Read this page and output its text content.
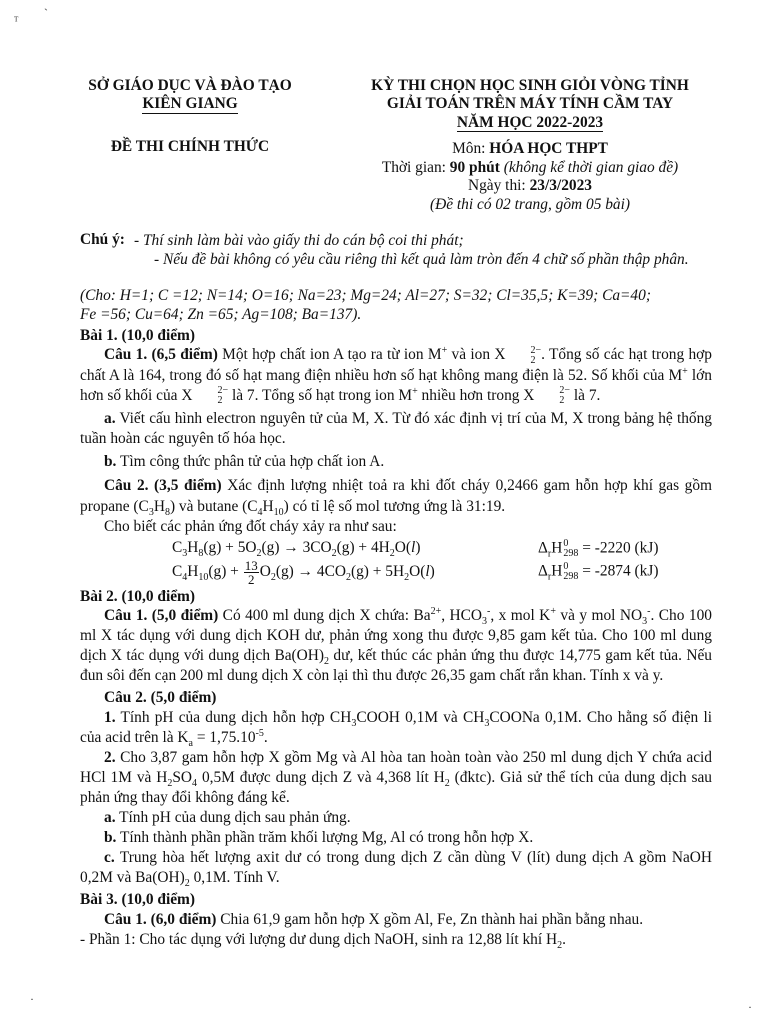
ᵀ
`
SỞ GIÁO DỤC VÀ ĐÀO TẠO
KIÊN GIANG
ĐỀ THI CHÍNH THỨC
KỲ THI CHỌN HỌC SINH GIỎI VÒNG TỈNH
GIẢI TOÁN TRÊN MÁY TÍNH CẦM TAY
NĂM HỌC 2022-2023
Môn: HÓA HỌC THPT
Thời gian: 90 phút (không kể thời gian giao đề)
Ngày thi: 23/3/2023
(Đề thi có 02 trang, gồm 05 bài)
Chú ý: - Thí sinh làm bài vào giấy thi do cán bộ coi thi phát;
- Nếu đề bài không có yêu cầu riêng thì kết quả làm tròn đến 4 chữ số phần thập phân.
(Cho: H=1; C =12; N=14; O=16; Na=23; Mg=24; Al=27; S=32; Cl=35,5; K=39; Ca=40;
Fe =56; Cu=64; Zn =65; Ag=108; Ba=137).
Bài 1. (10,0 điểm)

Câu 1. (6,5 điểm) Một hợp chất ion A tạo ra từ ion M+ và ion X	2−
2 . Tổng số các hạt trong hợp chất A là 164, trong đó số hạt mang điện nhiều hơn số hạt không mang điện là 52. Số khối của M+ lớn hơn số khối của X	2−
2 là 7. Tổng số hạt trong ion M+ nhiều hơn trong X	2−
2 là 7.

a. Viết cấu hình electron nguyên tử của M, X. Từ đó xác định vị trí của M, X trong bảng hệ thống tuần hoàn các nguyên tố hóa học.

b. Tìm công thức phân tử của hợp chất ion A.

Câu 2. (3,5 điểm) Xác định lượng nhiệt toả ra khi đốt cháy 0,2466 gam hỗn hợp khí gas gồm propane $(C_3H_8)$ và butane $(C_4H_{10})$ có tỉ lệ số mol tương ứng là 31:19.

Cho biết các phản ứng đốt cháy xảy ra như sau:

$C_3H_8(g) + 5O_2(g) \to 3CO_2(g) + 4H_2O(l)$	$\Delta_rH$ 0
298 = -2220 (kJ)
$C_4H_{10}(g) + \frac{13}{2} O_2(g) \to 4CO_2(g) + 5H_2O(l)$	$\Delta_rH$ 0
298 = -2874 (kJ)
Bài 2. (10,0 điểm)

Câu 1. (5,0 điểm) Có 400 ml dung dịch X chứa: $Ba^{2+}$, $HCO_3^-$, x mol K+ và y mol $NO_3^-$. Cho 100 ml X tác dụng với dung dịch KOH dư, phản ứng xong thu được 9,85 gam kết tủa. Cho 100 ml dung dịch X tác dụng với dung dịch $Ba(OH)_2$ dư, kết thúc các phản ứng thu được 14,775 gam kết tủa. Nếu đun sôi đến cạn 200 ml dung dịch X còn lại thì thu được 26,35 gam chất rắn khan. Tính x và y.

Câu 2. (5,0 điểm)

1. Tính pH của dung dịch hỗn hợp $CH_3COOH$ 0,1M và $CH_3COONa$ 0,1M. Cho hằng số điện li của acid trên là $K_a = 1,75.10^{-5}$.

2. Cho 3,87 gam hỗn hợp X gồm Mg và Al hòa tan hoàn toàn vào 250 ml dung dịch Y chứa acid HCl 1M và $H_2SO_4$ 0,5M được dung dịch Z và 4,368 lít $H_2$ (đktc). Giả sử thể tích của dung dịch sau phản ứng thay đổi không đáng kể.

a. Tính pH của dung dịch sau phản ứng.

b. Tính thành phần phần trăm khối lượng Mg, Al có trong hỗn hợp X.

c. Trung hòa hết lượng axit dư có trong dung dịch Z cần dùng V (lít) dung dịch A gồm NaOH 0,2M và $Ba(OH)_2$ 0,1M. Tính V.

Bài 3. (10,0 điểm)

Câu 1. (6,0 điểm) Chia 61,9 gam hỗn hợp X gồm Al, Fe, Zn thành hai phần bằng nhau.

- Phần 1: Cho tác dụng với lượng dư dung dịch NaOH, sinh ra 12,88 lít khí $H_2$.

·
·
